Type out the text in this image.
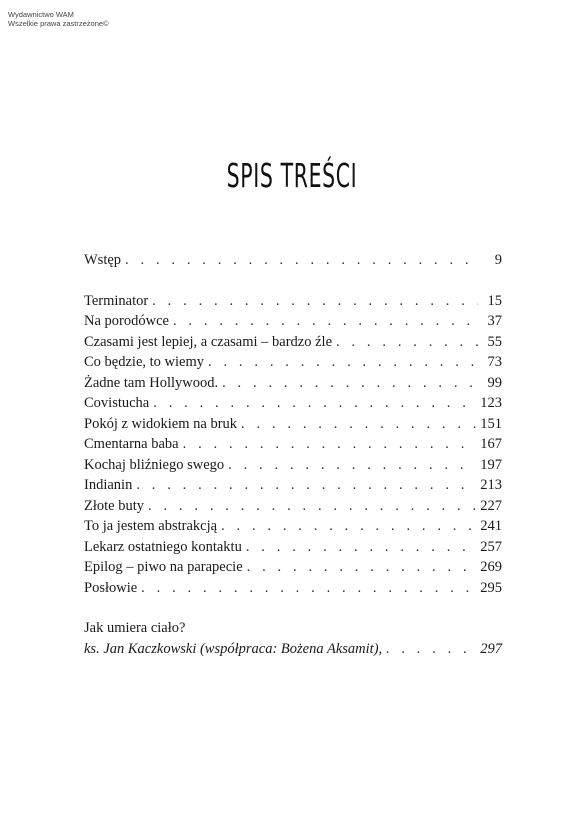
Wydawnictwo WAM
Wszelkie prawa zastrzeżone©
SPIS TREŚCI
Wstęp . . .	9
Terminator . . .	15
Na porodówce . . .	37
Czasami jest lepiej, a czasami – bardzo źle . . .	55
Co będzie, to wiemy . . .	73
Żadne tam Hollywood. . . .	99
Covistucha . . .	123
Pokój z widokiem na bruk . . .	151
Cmentarna baba . . .	167
Kochaj bliźniego swego . . .	197
Indianin . . .	213
Złote buty . . .	227
To ja jestem abstrakcją . . .	241
Lekarz ostatniego kontaktu . . .	257
Epilog – piwo na parapecie . . .	269
Posłowie . . .	295
Jak umiera ciało?
ks. Jan Kaczkowski (współpraca: Bożena Aksamit), . . .	297
